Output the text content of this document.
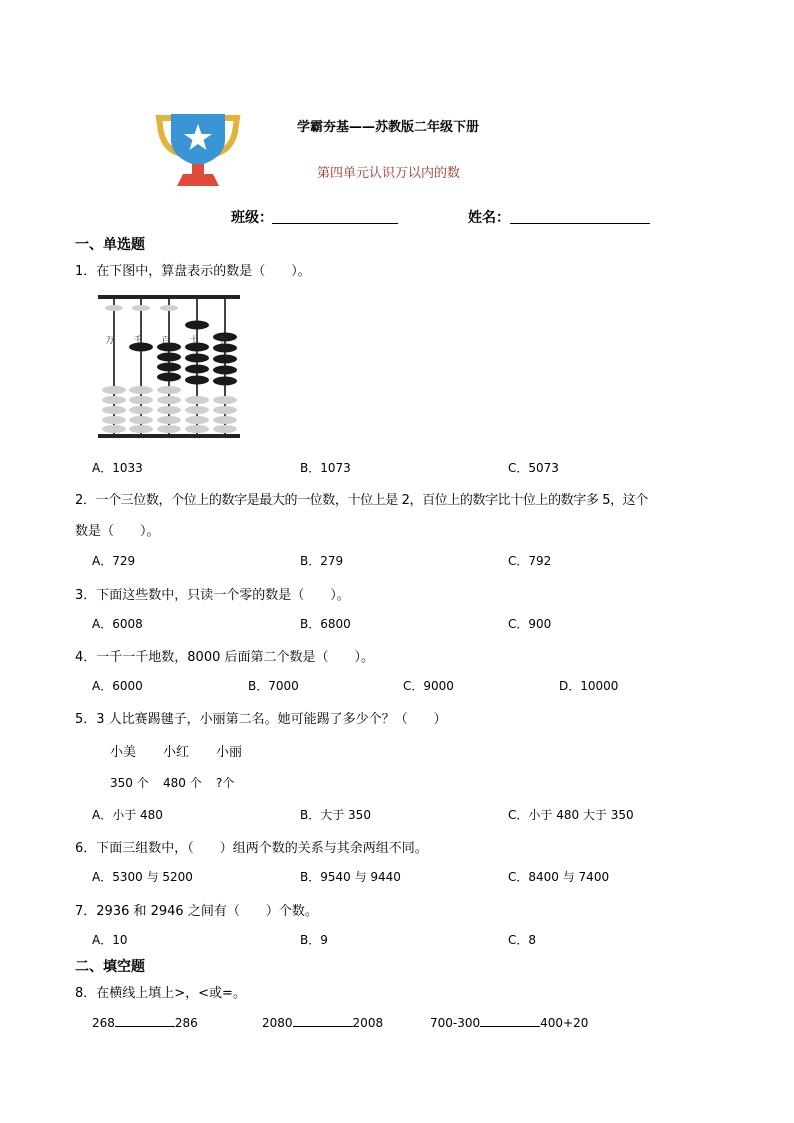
学霸夯基——苏教版二年级下册
第四单元认识万以内的数
班级：	姓名：
一、单选题
1．在下图中，算盘表示的数是（　　）。
万 千 百 十 个
A．1033	B．1073	C．5073
2．一个三位数，个位上的数字是最大的一位数，十位上是 2，百位上的数字比十位上的数字多 5，这个
数是（　　）。
A．729	B．279	C．792
3．下面这些数中，只读一个零的数是（　　）。
A．6008	B．6800	C．900
4．一千一千地数，8000 后面第二个数是（　　）。
A．6000	B．7000	C．9000	D．10000
5．3 人比赛踢毽子，小丽第二名。她可能踢了多少个？（　　）
小美 小红 小丽
350 个 480 个 ?个
A．小于 480	B．大于 350	C．小于 480 大于 350
6．下面三组数中，（　　）组两个数的关系与其余两组不同。
A．5300 与 5200	B．9540 与 9440	C．8400 与 7400
7．2936 和 2946 之间有（　　）个数。
A．10	B．9	C．8
二、填空题
8．在横线上填上>，<或=。
268	286	2080	2008	700-300	400+20
